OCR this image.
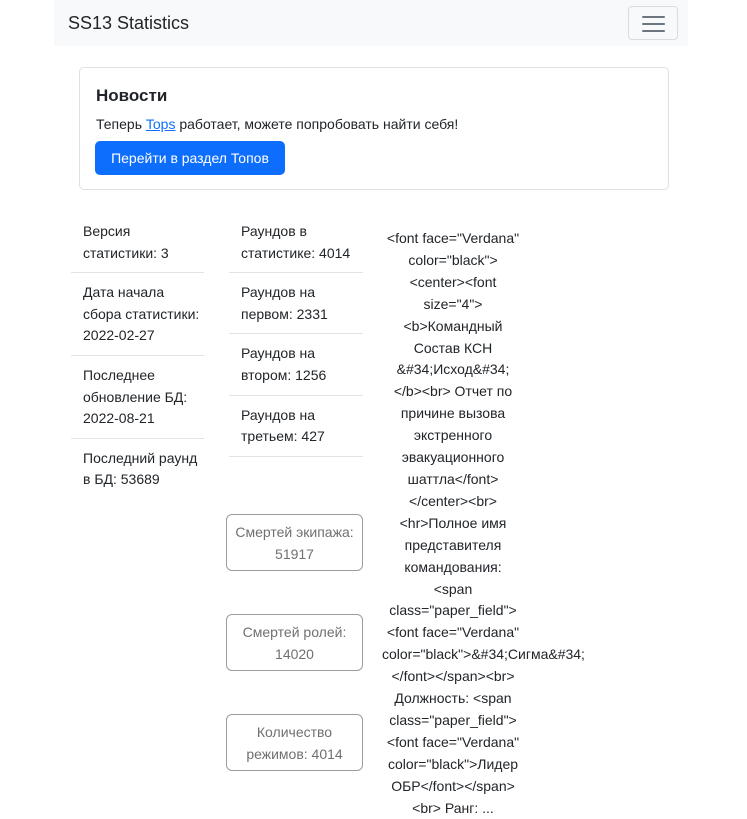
SS13 Statistics
Новости
Теперь Tops работает, можете попробовать найти себя!
Перейти в раздел Топов
Версия статистики: 3
Дата начала сбора статистики: 2022-02-27
Последнее обновление БД: 2022-08-21
Последний раунд в БД: 53689
Раундов в статистике: 4014
Раундов на первом: 2331
Раундов на втором: 1256
Раундов на третьем: 427
Смертей экипажа: 51917
Смертей ролей: 14020
Количество режимов: 4014
<font face="Verdana"
color="black">
<center><font
size="4">
<b>Командный
Состав КСН
&#34;Исход&#34;
</b><br> Отчет по
причине вызова
экстренного
эвакуационного
шаттла</font>
</center><br>
<hr>Полное имя
представителя
командования:
<span
class="paper_field">
<font face="Verdana"
color="black">&#34;Сигма&#34;
</font></span><br>
Должность: <span
class="paper_field">
<font face="Verdana"
color="black">Лидер
ОБР</font></span>
<br> Ранг: ...
